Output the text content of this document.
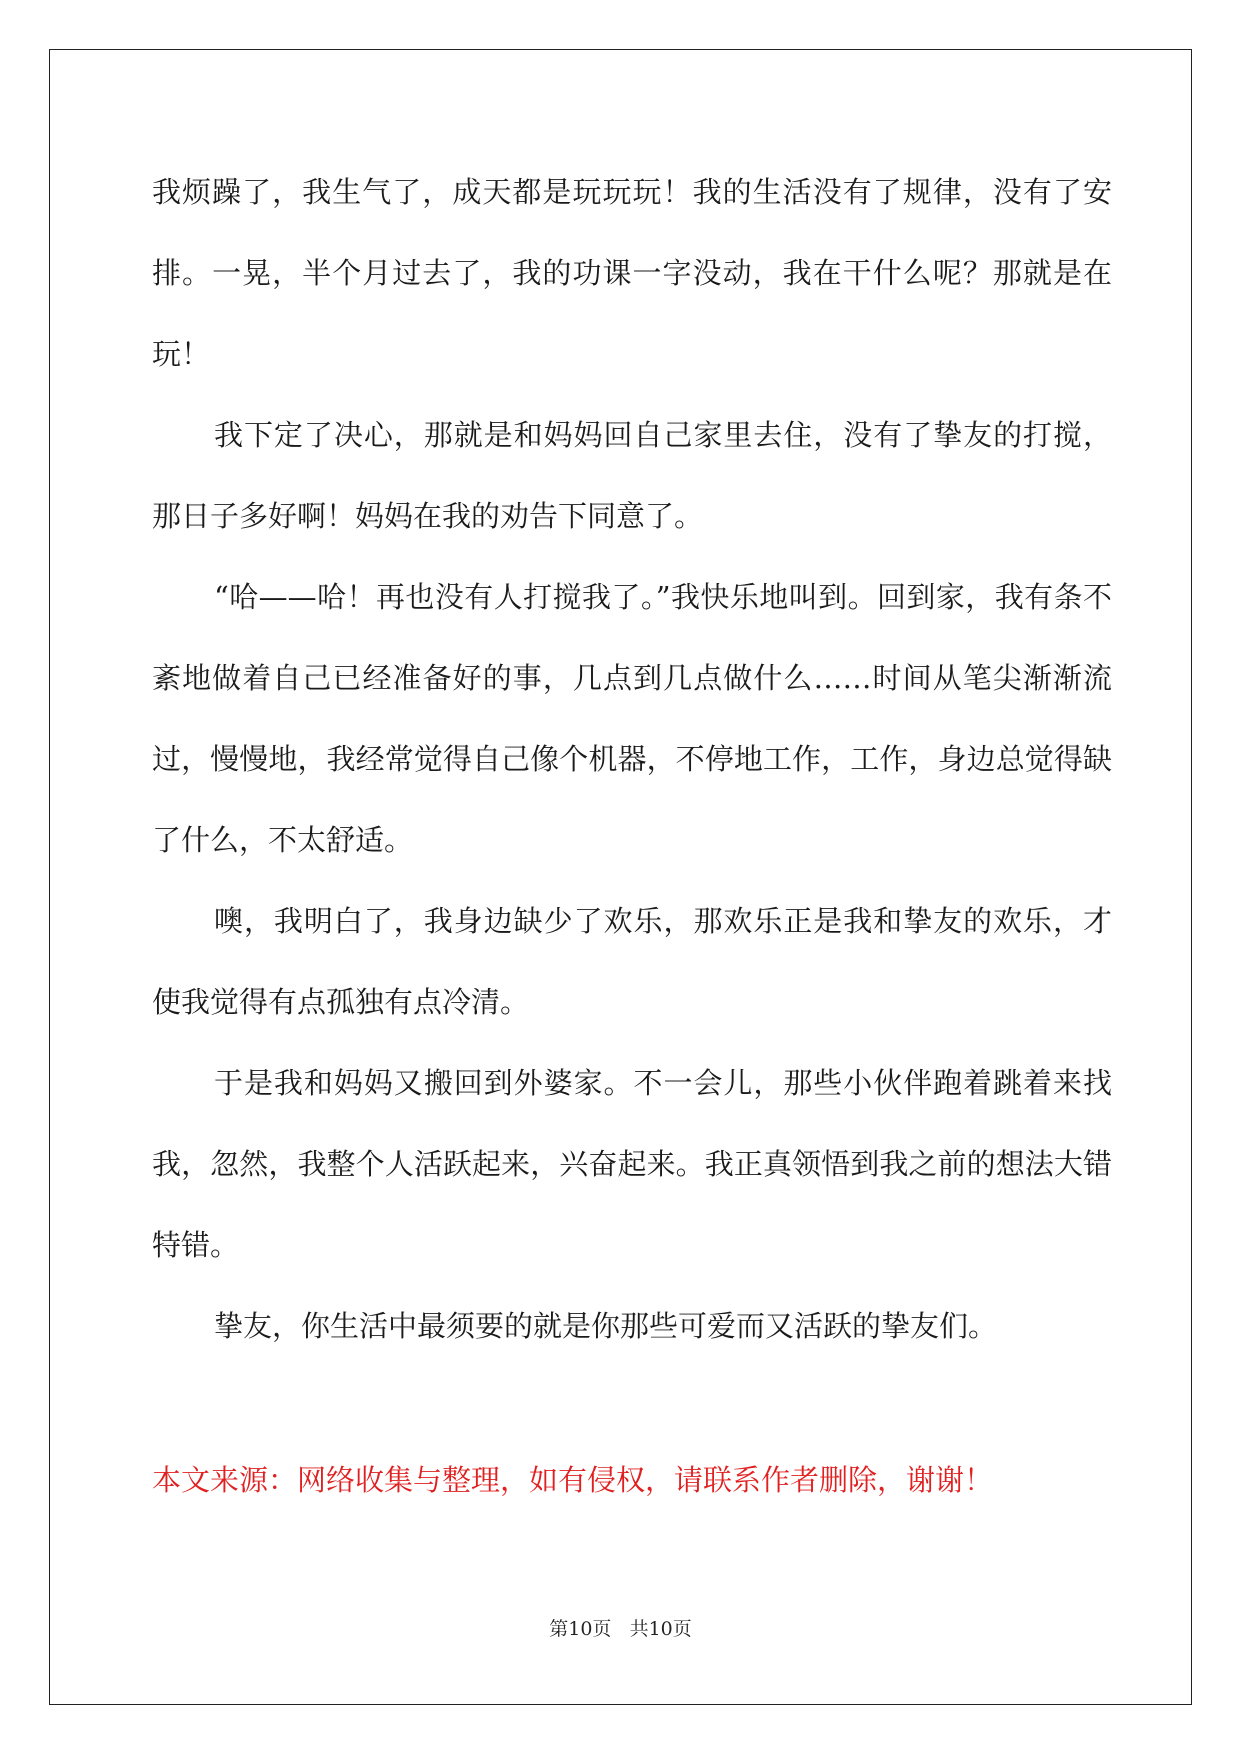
我烦躁了，我生气了，成天都是玩玩玩！我的生活没有了规律，没有了安排。一晃，半个月过去了，我的功课一字没动，我在干什么呢？那就是在玩！

我下定了决心，那就是和妈妈回自己家里去住，没有了挚友的打搅，那日子多好啊！妈妈在我的劝告下同意了。

“哈——哈！再也没有人打搅我了。”我快乐地叫到。回到家，我有条不紊地做着自己已经准备好的事，几点到几点做什么……时间从笔尖渐渐流过，慢慢地，我经常觉得自己像个机器，不停地工作，工作，身边总觉得缺了什么，不太舒适。

噢，我明白了，我身边缺少了欢乐，那欢乐正是我和挚友的欢乐，才使我觉得有点孤独有点冷清。

于是我和妈妈又搬回到外婆家。不一会儿，那些小伙伴跑着跳着来找我，忽然，我整个人活跃起来，兴奋起来。我正真领悟到我之前的想法大错特错。

挚友，你生活中最须要的就是你那些可爱而又活跃的挚友们。

本文来源：网络收集与整理，如有侵权，请联系作者删除，谢谢！
第10页 共10页
